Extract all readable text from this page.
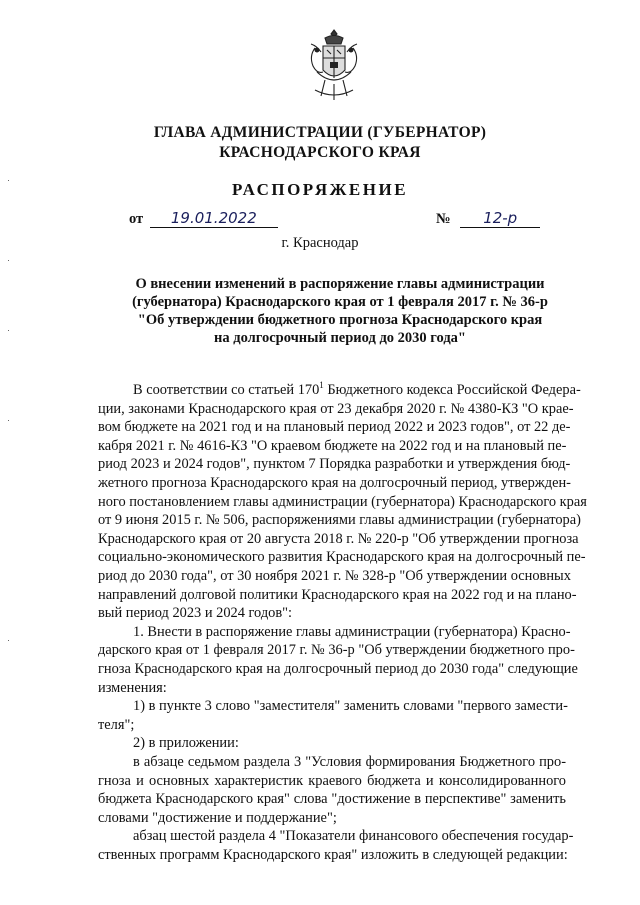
ГЛАВА АДМИНИСТРАЦИИ (ГУБЕРНАТОР)
КРАСНОДАРСКОГО КРАЯ
РАСПОРЯЖЕНИЕ
от 19.01.2022	№ 12-р
г. Краснодар
О внесении изменений в распоряжение главы администрации
(губернатора) Краснодарского края от 1 февраля 2017 г. № 36-р
"Об утверждении бюджетного прогноза Краснодарского края
на долгосрочный период до 2030 года"
В соответствии со статьей $170^1$ Бюджетного кодекса Российской Федера-
ции, законами Краснодарского края от 23 декабря 2020 г. № 4380-КЗ "О крае-
вом бюджете на 2021 год и на плановый период 2022 и 2023 годов", от 22 де-
кабря 2021 г. № 4616-КЗ "О краевом бюджете на 2022 год и на плановый пе-
риод 2023 и 2024 годов", пунктом 7 Порядка разработки и утверждения бюд-
жетного прогноза Краснодарского края на долгосрочный период, утвержден-
ного постановлением главы администрации (губернатора) Краснодарского края
от 9 июня 2015 г. № 506, распоряжениями главы администрации (губернатора)
Краснодарского края от 20 августа 2018 г. № 220-р "Об утверждении прогноза
социально-экономического развития Краснодарского края на долгосрочный пе-
риод до 2030 года", от 30 ноября 2021 г. № 328-р "Об утверждении основных
направлений долговой политики Краснодарского края на 2022 год и на плано-
вый период 2023 и 2024 годов":
1. Внести в распоряжение главы администрации (губернатора) Красно-
дарского края от 1 февраля 2017 г. № 36-р "Об утверждении бюджетного про-
гноза Краснодарского края на долгосрочный период до 2030 года" следующие
изменения:
1) в пункте 3 слово "заместителя" заменить словами "первого замести-
теля";
2) в приложении:
в абзаце седьмом раздела 3 "Условия формирования Бюджетного про-
гноза и основных характеристик краевого бюджета и консолидированного
бюджета Краснодарского края" слова "достижение в перспективе" заменить
словами "достижение и поддержание";
абзац шестой раздела 4 "Показатели финансового обеспечения государ-
ственных программ Краснодарского края" изложить в следующей редакции:
